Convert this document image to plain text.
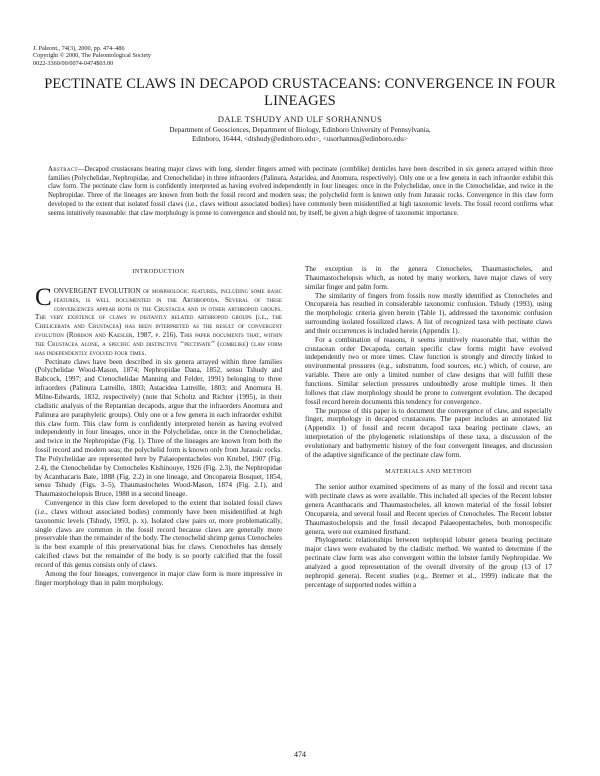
J. Paleont., 74(3), 2000, pp. 474–486
Copyright © 2000, The Paleontological Society
0022-3360/00/0074-0474$03.00
PECTINATE CLAWS IN DECAPOD CRUSTACEANS: CONVERGENCE IN FOUR LINEAGES
DALE TSHUDY AND ULF SORHANNUS
Department of Geosciences, Department of Biology, Edinboro University of Pennsylvania,
Edinboro, 16444, <dtshudy@edinboro.edu>, <usorhannus@edinboro.edu>
Abstract—Decapod crustaceans bearing major claws with long, slender fingers armed with pectinate (comblike) denticles have been described in six genera arrayed within three families (Polychelidae, Nephropidae, and Ctenochelidae) in three infraorders (Palinura, Astacidea, and Anomura, respectively). Only one or a few genera in each infraorder exhibit this claw form. The pectinate claw form is confidently interpreted as having evolved independently in four lineages: once in the Polychelidae, once in the Ctenochelidae, and twice in the Nephropidae. Three of the lineages are known from both the fossil record and modern seas; the polychelid form is known only from Jurassic rocks. Convergence in this claw form developed to the extent that isolated fossil claws (i.e., claws without associated bodies) have commonly been misidentified at high taxonomic levels. The fossil record confirms what seems intuitively reasonable: that claw morphology is prone to convergence and should not, by itself, be given a high degree of taxonomic importance.
INTRODUCTION

CONVERGENT EVOLUTION of morphologic features, including some basic features, is well documented in the Arthropoda. Several of these convergences appear both in the Crustacea and in other arthropod groups. The very existence of claws in distantly related arthropod groups (i.e., the Chelicerata and Crustacea) has been interpreted as the result of convergent evolution (Robison and Kaesler, 1987, p. 216). This paper documents that, within the Crustacea alone, a specific and distinctive ‘‘pectinate’’ (comblike) claw form has independently evolved four times.

Pectinate claws have been described in six genera arrayed within three families (Polychelidae Wood-Mason, 1874; Nephropidae Dana, 1852, sensu Tshudy and Babcock, 1997; and Ctenochelidae Manning and Felder, 1991) belonging to three infraorders (Palinura Latreille, 1803; Astacidea Latreille, 1803; and Anomura H. Milne-Edwards, 1832, respectively) (note that Scholtz and Richter (1995), in their cladistic analysis of the Reptantian decapods, argue that the infraorders Anomura and Palinura are paraphyletic groups). Only one or a few genera in each infraorder exhibit this claw form. This claw form is confidently interpreted herein as having evolved independently in four lineages, once in the Polychelidae, once in the Ctenochelidae, and twice in the Nephropidae (Fig. 1). Three of the lineages are known from both the fossil record and modern seas; the polychelid form is known only from Jurassic rocks. The Polychelidae are represented here by Palaeopentacheles von Knebel, 1907 (Fig. 2.4), the Ctenochelidae by Ctenocheles Kishinouye, 1926 (Fig. 2.3), the Nephropidae by Acanthacaris Bate, 1888 (Fig. 2.2) in one lineage, and Oncopareia Bosquet, 1854, sensu Tshudy (Figs. 3–5), Thaumastocheles Wood-Mason, 1874 (Fig. 2.1), and Thaumastochelopsis Bruce, 1988 in a second lineage.

Convergence in this claw form developed to the extent that isolated fossil claws (i.e., claws without associated bodies) commonly have been misidentified at high taxonomic levels (Tshudy, 1993, p. x). Isolated claw pairs or, more problematically, single claws are common in the fossil record because claws are generally more preservable than the remainder of the body. The ctenochelid shrimp genus Ctenocheles is the best example of this preservational bias for claws. Ctenocheles has densely calcified claws but the remainder of the body is so poorly calcified that the fossil record of this genus consists only of claws.

Among the four lineages, convergence in major claw form is more impressive in finger morphology than in palm morphology.

The exception is in the genera Ctenocheles, Thaumastocheles, and Thaumastochelopsis which, as noted by many workers, have major claws of very similar finger and palm form.

The similarity of fingers from fossils now mostly identified as Ctenocheles and Oncopareia has resulted in considerable taxonomic confusion. Tshudy (1993), using the morphologic criteria given herein (Table 1), addressed the taxonomic confusion surrounding isolated fossilized claws. A list of recognized taxa with pectinate claws and their occurrences is included herein (Appendix 1).

For a combination of reasons, it seems intuitively reasonable that, within the crustacean order Decapoda, certain specific claw forms might have evolved independently two or more times. Claw function is strongly and directly linked to environmental pressures (e.g., substratum, food sources, etc.) which, of course, are variable. There are only a limited number of claw designs that will fulfill these functions. Similar selection pressures undoubtedly arose multiple times. It then follows that claw morphology should be prone to convergent evolution. The decapod fossil record herein documents this tendency for convergence.

The purpose of this paper is to document the convergence of claw, and especially finger, morphology in decapod crustaceans. The paper includes an annotated list (Appendix 1) of fossil and recent decapod taxa bearing pectinate claws, an interpretation of the phylogenetic relationships of these taxa, a discussion of the evolutionary and bathymetric history of the four convergent lineages, and discussion of the adaptive significance of the pectinate claw form.

MATERIALS AND METHOD

The senior author examined specimens of as many of the fossil and recent taxa with pectinate claws as were available. This included all species of the Recent lobster genera Acanthacaris and Thaumastocheles, all known material of the fossil lobster Oncopareia, and several fossil and Recent species of Ctenocheles. The Recent lobster Thaumastochelopsis and the fossil decapod Palaeopentacheles, both monospecific genera, were not examined firsthand.

Phylogenetic relationships between nephropid lobster genera bearing pectinate major claws were evaluated by the cladistic method. We wanted to determine if the pectinate claw form was also convergent within the lobster family Nephropidae. We analyzed a good representation of the overall diversity of the group (13 of 17 nephropid genera). Recent studies (e.g., Bremer et al., 1999) indicate that the percentage of supported nodes within a

474
